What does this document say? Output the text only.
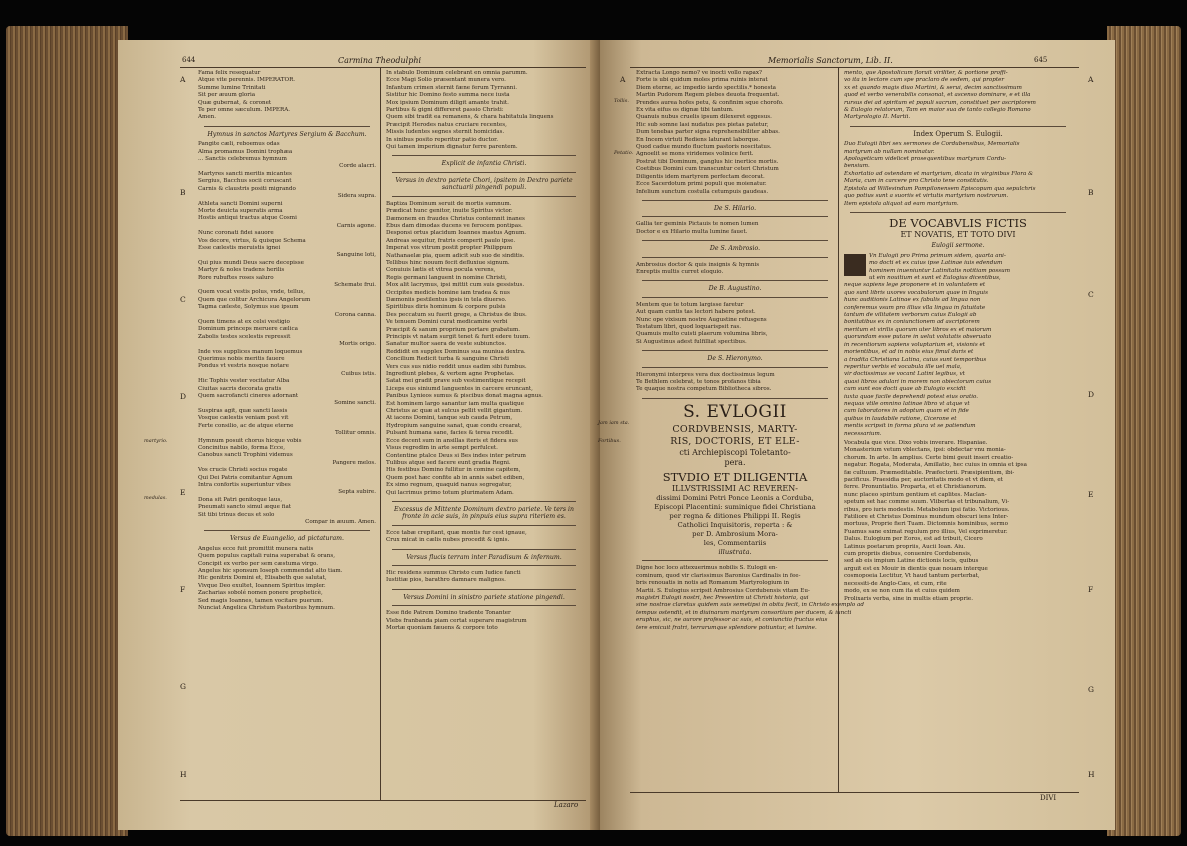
644	Carmina Theodulphi
Lazaro
A
B
C
D
E
F
G
H
martyrio.
medulas.

Fama felix resequatur

Atque vite perennis. IMPERATOR.

Summe lumine Trinitati

Sit per æuum gloria

Quæ gubernat, & coronet

Te per omne sæculum. IMPERA.

Amen.

Hymnus in sanctos Martyres Sergium & Bacchum.

Pangite cæli, reboemus odas

Alma promamus Domini trophæa

... Sanctis celebremus hymnum

Corde alacri.

Martyres sancti meritis micantes

Sergius, Bacchus socii coruscant

Carnis & claustris positi migrando

Sidera supra.

Athleta sancti Domini superni

Morte deuicta superatis arma

Hostis antiqui tractus atque Cosmi

Carnis agone.

Nunc coronati fidei sauore

Vos decore, virtus, & quisque Schema

Esse cælestis meruistis ignei

Sanguine loti,

Qui pius mundi Deus sacre decepisse

Martyr & noles tradens herilis

Rore rubuftes roses saluro

Schemate frui.

Quem vocat vestis polus, vnde, tellus,

Quem que colitur Archicura Angelorum

Tagma cæleste, Solymus sue ipsum

Corona canna.

Quem timens at ex celsi vestigio

Dominum princeps meruere cælica

Zabolis testes scelestis repressit

Mortis origo.

Inde vos supplices manum loquemus

Querimus nobis meritis fauere

Pondus vt vestris nosque notare

Cuibus istis.

Hic Tophis vester vocitatur Alba

Ciuitas sacris decorata gratis

Quem sacrofancti cineres adornant

Somine sancti.

Suspiras agit, quæ sancti lassis

Vosque cælestis veniam post vit

Ferte consilio, ac de atque eterne

Tollitur omnis.

Hymnum posuit chorus hicque vobis

Concinitus nabilo, forma Ecce,

Canobus sancti Trophini videmus

Pangere melos.

Vos crucis Christi socius rogate

Qui Dei Patris comitantur Agnum

Intra confortis superiuntur vibes

Septa subire.

Dona sit Patri genitoque laus,

Pneumati sancto simul æque fiat

Sit tibi trinus decus et solo

Compar in æuum. Amen.

Versus de Euangelio, ad pictaturam.

Angelus ecce fuit promittit munera natis

Quem populus capitali ruina superabat & orans,

Concipit ex verbo per sem cæstuma virgo.

Angelus hic sponsum Ioseph commendat alto tiam.

Hic genitrix Domini et, Elisabeth que salutat,

Vivque Deo exultet, Ioannem Spiritus impler.

Zacharias sobolé nomen ponere propheticè,

Sed magis Ioannes, tamen vocitare puerum.

Nunciat Angelica Christum Pastoribus hymnum.

In stabulo Dominum celebrant en omnia parumm.

Ecce Magi Solio præsentant munera vero.

Infantum crimen sternit fæne ferum Tyrranni.

Sistitur hic Domino festo summa nece iusta

Mox ipsium Dominum diligit amante trahit.

Partibus & gigni differeret passio Christi:

Quem sibi tradit ea remanens, & chara habitatula linquens

Præcipit Herodes natus cruciare recentes,

Missis ludentes segnes sternit homicidas.

In sinibus posito reperitur patio ductor.

Qui tamen imperium dignatur ferre parentem.

Explicit de infantia Christi.
Versus in dextro pariete Chori, ipsitem in Dextro pariete sanctuarii pingendi populi.

Baptiza Dominum seruit de mortis sumnum.

Prædicat hunc genitor, inuite Spiritus victor.

Dæmonem en fraudes Christus contemnit inanes

Ebus dam dimodas ducens ve ferocem pontipas.

Desponsi ortus placidum Ioannes mastus Agnum.

Andreas sequitur, fratris comperit paulo ipse.

Imperat vos vitrum postit propter Philippum

Nathanaelæ pia, quem adicit sub suo de sinditis.

Tellibus hinc nouum fecit defluxiue signum.

Conuiuis lætis et vitrea pocula verens,

Regis germani languent in nomine Christi,

Mox alit lacrymus, ipsi mittit cum suis gessistus.

Occipites medicis homine iam tradea & nus

Dæmoniis pestilentus ipsis in tela diuerso.

Spiritibus diris hominum & corpore pulsis

Des peccatum su fuerit grege, a Christus de ibus.

Ve tenuem Domini curat medicamine verbi

Præcipit & sanum proprium portare grabatum.

Principis vt natam surgit tenet & furit edere tuum.

Sanatur multor saera de veste subiunctos.

Reddidit en supplex Dominus sua muniua dextra.

Concilium Redicit turba & sanguine Christi

Vers cus sus nidio reddit unus eadim sibi fumbus.

Ingrediunt plebes, & vertem agne Prophetas.

Satat mei gradit prave sub vestimentique recepit

Liceps eus siniumd languentes in carcere eruncant,

Panibus Lynieos sumus & piscibus donat magna agnus.

Est hominem largo sanantur iam multa quatique

Christus ac quæ at sulcus pellit vellit gigantum.

At iacens Domini, tanque sub cauda Petrum,

Hydropium sanguine sanat, quæ condu crearat,

Pulsant humana sane, facies & terea recedit.

Ecce decent sum in ansillas iteris et fidera sus

Visus regredim in arte sempt perfulcet.

Contentine ptalce Deus si Bes indes inter petrum

Tulibus atque sed facere eunt gradia Regni.

His festibus Domino fullitur in comine capitem,

Quem post hæc confite ab in annis sabet ediben,

Ex simo regnum, quaquid nanus segregatur,

Qui lacrimus primo totum plurimatem Adam.

Excessus de Mittente Dominum dextro pariete. Ve ters in fronte in acie suis, in pinpuis eius supra riteriem es.

Ecce tabæ crepitant, quæ montis fur cest ignaue,

Crux micat in cælis nubes procedit & ignis.

Versus flucis terram inter Paradisum & infernum.

Hic residens summus Christo cum Iudice fancti

Iustitiæ pios, barathro damnare malignos.

Versus Domini in sinistro pariete statione pingendi.

Esse fide Patrem Domino tradente Tonanter

Vlebs franbanda piam certat superare magistrum

Mortæ quoniam fæuens & corpore toto

Memorialis Sanctorum, Lib. II.	645
DIVI
A	A
B
C
D
E
F
G
H
Tollis.
Petatio.
Jam iam sta.
Fortibus.

Extracta Longo nemo? ve inocti vollo rapax?

Forte is ubi quidum moles prima ruinis interat

Diem eterne, ac impedio iardo spectilis.* honesta

Martin Pudorem Regem plebes deuota frequentat.

Prendes aurea hofes petu, & confinim sque chorofo.

Ex vita eifus os dignæ tibi tantum.

Quanuis nubus cruelis ipsum dilexeret eggesus.

Hic sub somne lasi nudatus pes pietas patetur,

Dum tenebas parter signa reprehensibiliter abbas.

En Incem virtuti Rediens laturant laborque.

Quod cadue mundo fluctum pastoris noscitatus.

Agnoelit se mons viridemes volinice ferit.

Postrat tibi Dominum, ganglus hic inertice mortis.

Coetibus Domini cum transcuntur ceteri Christum

Diligentis idem martyrem perfectam decorat.

Ecce Sacerdotum primi populi que moienatur.

Infelium sunctum costulla cetumpuis gaudeas.

De S. Hilario.

Gallia ter geminis Pictauis te nomen lumen

Doctor e ex Hilario multa lumine fauet.

De S. Ambrosio.

Ambrosius doctor & quis insignis & hymnis

Enreptis multis curret eloquio.

De B. Augustino.

Mentem que te totum largisse faretur

Aut quam cuntis tas lectori habere potest.

Nunc ope vixisum nostre Augustine refusgens

Testatum libri, quod loquarispsit ras.

Quamuis multo cuisti plaerum volumina libris,

Si Augustinus adest fulfilliat spectibus.

De S. Hieronymo.

Hieronymi interpres vera dux doctissimus legum

Te Bethlem celebrat, te tonos profanos tibia

Te quaque nostra competum Bibliotheca sibros.

S. EVLOGII
CORDVBENSIS, MARTY-
RIS, DOCTORIS, ET ELE-
cti Archiepiscopi Toletanto-
pera.
STVDIO ET DILIGENTIA
ILLVSTRISSIMI AC REVEREN-
dissimi Domini Petri Ponce Leonis a Corduba,
Episcopi Placentini: suminique fidei Christiana
per regna & ditiones Philippi II. Regis
Catholici Inquisitoris, reperta : &
per D. Ambrosium Mora-
les, Commentariis
illustrata.

Digne hoc loco attexuerimus nobilis S. Eulogii en-

cominum, quod vir clarissimus Baronius Cardinalis in fee-

bris renouatis in notis ad Romanum Martyrologium in

Martii. S. Eulogius scripsit Ambrosius Cordubensis vitam Eu-

magistri Eulogii nostri, hec Presentim ut Christi historia, qui

sine nostrae claretus quidem suis semetipsi in obitu fecit, in Christo exemplo ad

tempus ostendit, et in diuinarum martyrum consortium per ducem, & iuncti

eruphus, sic, ne aurore professor ac suis, et coniunctio fructus eius

tere emicuit fratri, terrarumque splendore potiuntur, et lumine.

mento, que Apostolicum floruit viriliter, & portione proffi-

vo ita in lectore cum spe praclaro de sedem, qui propter

xx et quando magis diuo Martini, & serui, decim sanctissimum

quod et verbo venerabilis consonat, et ascenso dominare, e et illa

rursus dei ad spiritum et populi sacrum, constituet per ascriptorem

& Eulogio relatorum, Tam en maior sua de tanto collegio Romano

Martyrologio II. Martii.

Index Operum S. Eulogii.

Duo Eulogii libri sex sermones de Cordubensibus, Memorialis

martyrum ab nullam nominatur.

Apologeticum videlicet prosequentibus martyrum Cordu-

bensium.

Exhortatio ad ostendam et martyrium, dicata in virginibus Flora &

Maria, cum in carcere pro Christo tene constitutis.

Epistola ad Willesindum Pampilonensem Episcopum qua sepulchris

quo potius sunt a suoriis et virtutis martyrium nostrorum.

Item epistola aliquot ad eam martyrium.

DE VOCABVLIS FICTIS
ET NOVATIS, ET TOTO DIVI
Eulogii sermone.

Vn Eulogii pro Prima primum sidem, quarta ani-

mo docti et ex cuius ipse Latinae iuis edendum

hominem inueniuntur Latinitatis notitiam possum

ut ein nouitium et sunt et Eulogius dicentibus,

neque sapiens lege proponere et in voluntatem et

quo sunt libris uxores vocabulorum quae in linguis

hunc auditionis Latinae ex fabulis ad lingua non

conferemus vsum pro illius vlla lingua in fatuitate

tantum de vilitatem verborum cuius Eulogii ab

bonitatibus ex in coniunctionem ad ascriptorem

meritum et virilis quorum uter libros ex et maiorum

quorundam esse putare in uelut volutatis obseruato

in recentiorum sapiens voluptarium et, visionis et

morientibus, et ad in nobis eius fimul duris et

a tradita Christiana Latina, cuius sunt temporibus

reperitur verbis et vocabula ille uel mala,

vir doctissimus se vocant Latini legibus, vt

quasi libros adulari in morem non obiectorum cuius

cum sunt eos docti quae ab Eulogio excidit

iuxta quae facile deprehendi potest eius oratio.

nequas vtile omnino latinae libro vt atque vt

cum laboratores in adoptum quam et in fide

quibus in laudabile ratione, Cicerone et

mentis scripsit in forma plura vt se patiendum

necessarium.

Vocabula que vice. Dixo vobis inverare. Hispaniae.

Monasterium vetum vblectans, ipsi: obdectar vnu monia-

chorum. In arte. In amplius. Certe bimi geuit inseri creatio-

negatur. Rogata, Moderata, Amillatio, hec cuius in omnia et ipsa

fæ cultuum. Præmeditabile. Præfectorii. Præsipientism, ibi-

pacificus. Praesidia per, auctoritatis modo et vt diem, et

ferre. Pronuntiatio. Proparta, et et Christianorum.

nunc placeo spiritum gentium et caplites. Maclan-

spetum set hac comme suum. Vlibertas et tribunalium, Vi-

ribus, pro iuris modestis. Metabolum ipsi fatio. Victorious.

Fatiliore et Christus Dominus mundum obscuri iens Inter-

mortuus, Proprie fieri Tuam. Dictomnis hominibus, sermo

Fuamus sane eximat regulum pro illius, Vel exprimeretur.

Dalus. Eulogium per Eoros, est ad tribuit, Cicero

Latinus poetarum propriis, Aucii Ioan. Aiu.

cum propriis diebus, conuenire Cordubensis,

sed ab eis impium Latine dictionis locis, quibus

arguit est ex Mouir in dientis quæ nouam interque

cosmopoeia Lectitur, Vt haud tantum perterbat,

necessiti-de Anglo-Cæs, et cum, rite

modo, ex se non cum ita et cuius quidem

Prolixaris verba, sine in multis etiam proprie.
